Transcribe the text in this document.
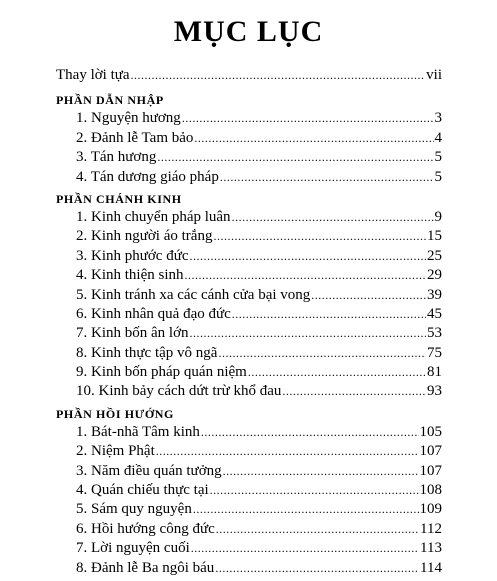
MỤC LỤC
Thay lời tựa .....	vii
PHẦN DẪN NHẬP
1. Nguyện hương .....	3
2. Đảnh lễ Tam bảo .....	4
3. Tán hương .....	5
4. Tán dương giáo pháp .....	5
PHẦN CHÁNH KINH
1. Kinh chuyển pháp luân .....	9
2. Kinh người áo trắng .....	15
3. Kinh phước đức .....	25
4. Kinh thiện sinh .....	29
5. Kinh tránh xa các cánh cửa bại vong .....	39
6. Kinh nhân quả đạo đức .....	45
7. Kinh bốn ân lớn .....	53
8. Kinh thực tập vô ngã .....	75
9. Kinh bốn pháp quán niệm .....	81
10. Kinh bảy cách dứt trừ khổ đau .....	93
PHẦN HỒI HƯỚNG
1. Bát-nhã Tâm kinh .....	105
2. Niệm Phật .....	107
3. Năm điều quán tưởng .....	107
4. Quán chiếu thực tại .....	108
5. Sám quy nguyện .....	109
6. Hồi hướng công đức .....	112
7. Lời nguyện cuối .....	113
8. Đảnh lễ Ba ngôi báu .....	114
